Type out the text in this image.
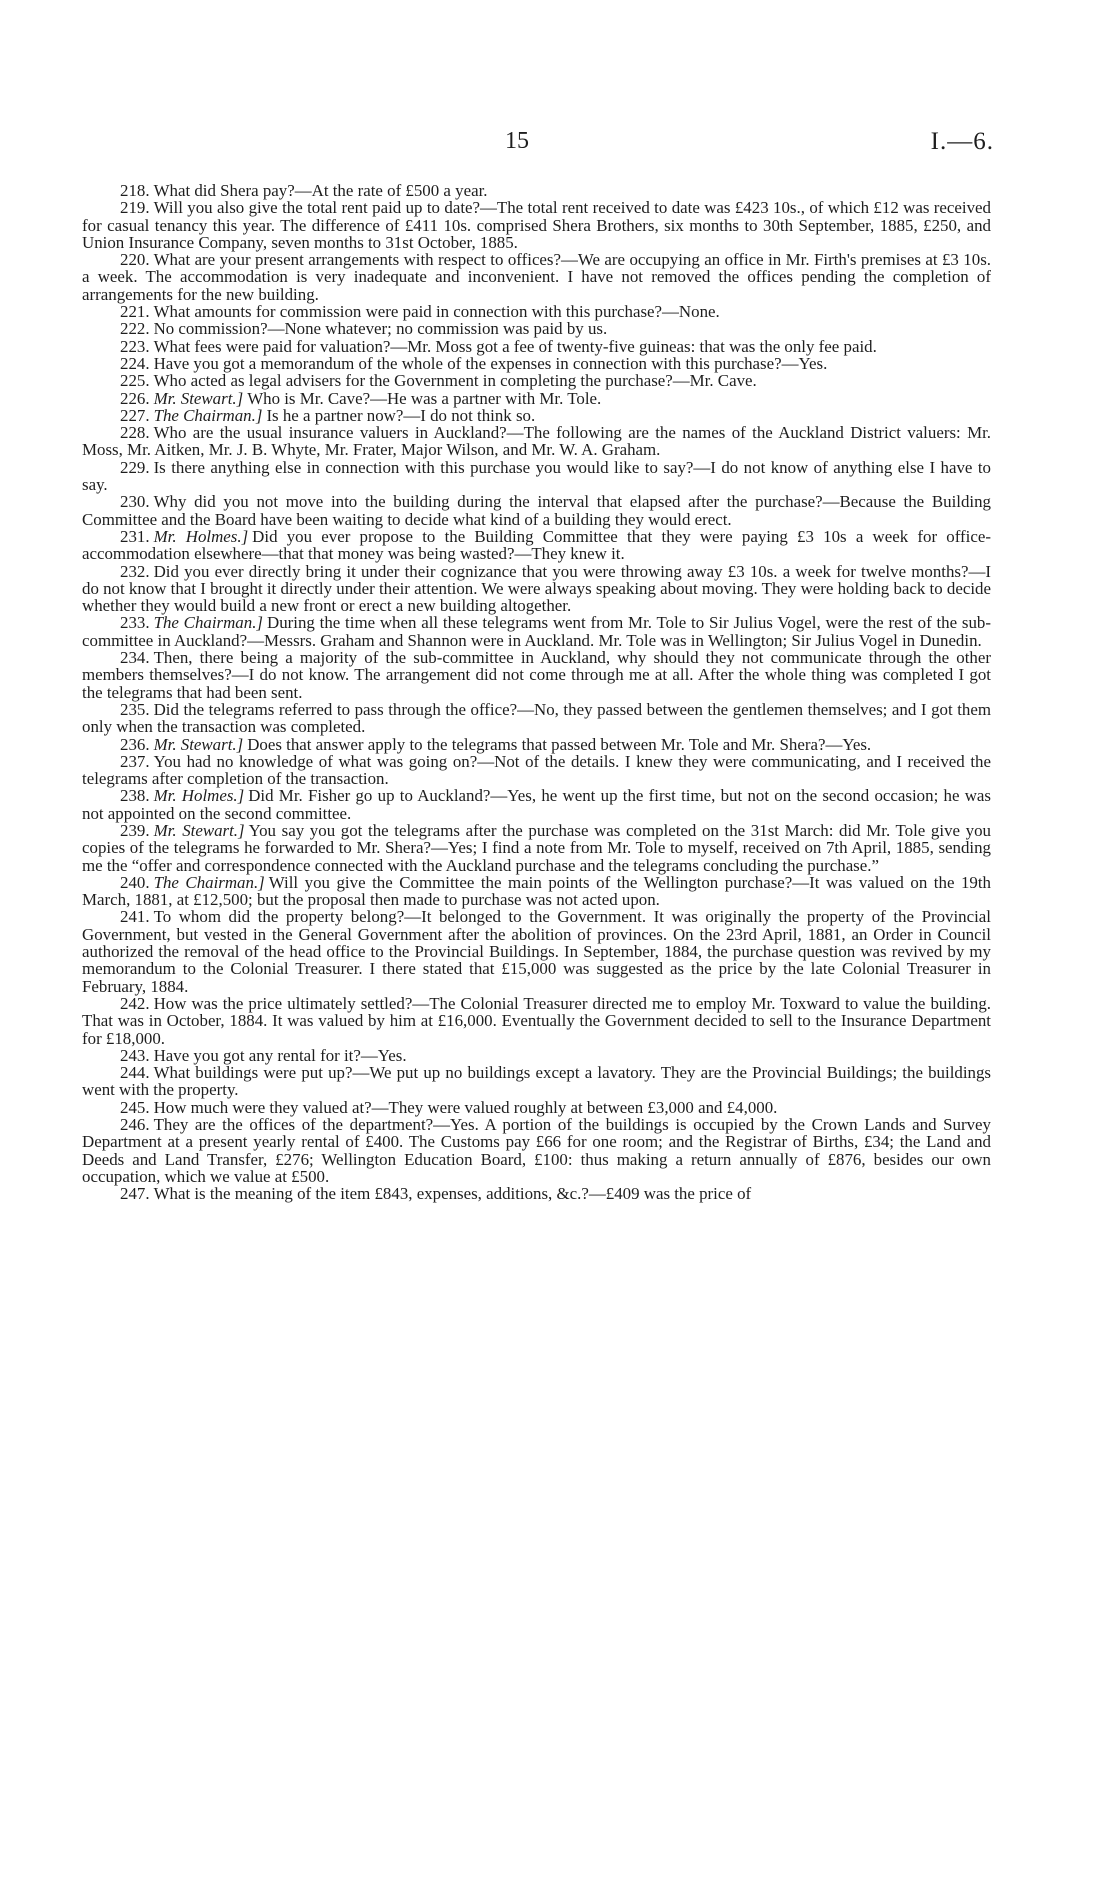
15	I.—6.

218. What did Shera pay?—At the rate of £500 a year.

219. Will you also give the total rent paid up to date?—The total rent received to date was £423 10s., of which £12 was received for casual tenancy this year. The difference of £411 10s. comprised Shera Brothers, six months to 30th September, 1885, £250, and Union Insurance Company, seven months to 31st October, 1885.

220. What are your present arrangements with respect to offices?—We are occupying an office in Mr. Firth's premises at £3 10s. a week. The accommodation is very inadequate and inconvenient. I have not removed the offices pending the completion of arrangements for the new building.

221. What amounts for commission were paid in connection with this purchase?—None.

222. No commission?—None whatever; no commission was paid by us.

223. What fees were paid for valuation?—Mr. Moss got a fee of twenty-five guineas: that was the only fee paid.

224. Have you got a memorandum of the whole of the expenses in connection with this purchase?—Yes.

225. Who acted as legal advisers for the Government in completing the purchase?—Mr. Cave.

226. Mr. Stewart.] Who is Mr. Cave?—He was a partner with Mr. Tole.

227. The Chairman.] Is he a partner now?—I do not think so.

228. Who are the usual insurance valuers in Auckland?—The following are the names of the Auckland District valuers: Mr. Moss, Mr. Aitken, Mr. J. B. Whyte, Mr. Frater, Major Wilson, and Mr. W. A. Graham.

229. Is there anything else in connection with this purchase you would like to say?—I do not know of anything else I have to say.

230. Why did you not move into the building during the interval that elapsed after the purchase?—Because the Building Committee and the Board have been waiting to decide what kind of a building they would erect.

231. Mr. Holmes.] Did you ever propose to the Building Committee that they were paying £3 10s a week for office-accommodation elsewhere—that that money was being wasted?—They knew it.

232. Did you ever directly bring it under their cognizance that you were throwing away £3 10s. a week for twelve months?—I do not know that I brought it directly under their attention. We were always speaking about moving. They were holding back to decide whether they would build a new front or erect a new building altogether.

233. The Chairman.] During the time when all these telegrams went from Mr. Tole to Sir Julius Vogel, were the rest of the sub-committee in Auckland?—Messrs. Graham and Shannon were in Auckland. Mr. Tole was in Wellington; Sir Julius Vogel in Dunedin.

234. Then, there being a majority of the sub-committee in Auckland, why should they not communicate through the other members themselves?—I do not know. The arrangement did not come through me at all. After the whole thing was completed I got the telegrams that had been sent.

235. Did the telegrams referred to pass through the office?—No, they passed between the gentlemen themselves; and I got them only when the transaction was completed.

236. Mr. Stewart.] Does that answer apply to the telegrams that passed between Mr. Tole and Mr. Shera?—Yes.

237. You had no knowledge of what was going on?—Not of the details. I knew they were communicating, and I received the telegrams after completion of the transaction.

238. Mr. Holmes.] Did Mr. Fisher go up to Auckland?—Yes, he went up the first time, but not on the second occasion; he was not appointed on the second committee.

239. Mr. Stewart.] You say you got the telegrams after the purchase was completed on the 31st March: did Mr. Tole give you copies of the telegrams he forwarded to Mr. Shera?—Yes; I find a note from Mr. Tole to myself, received on 7th April, 1885, sending me the “offer and correspondence connected with the Auckland purchase and the telegrams concluding the purchase.”

240. The Chairman.] Will you give the Committee the main points of the Wellington purchase?—It was valued on the 19th March, 1881, at £12,500; but the proposal then made to purchase was not acted upon.

241. To whom did the property belong?—It belonged to the Government. It was originally the property of the Provincial Government, but vested in the General Government after the abolition of provinces. On the 23rd April, 1881, an Order in Council authorized the removal of the head office to the Provincial Buildings. In September, 1884, the purchase question was revived by my memorandum to the Colonial Treasurer. I there stated that £15,000 was suggested as the price by the late Colonial Treasurer in February, 1884.

242. How was the price ultimately settled?—The Colonial Treasurer directed me to employ Mr. Toxward to value the building. That was in October, 1884. It was valued by him at £16,000. Eventually the Government decided to sell to the Insurance Department for £18,000.

243. Have you got any rental for it?—Yes.

244. What buildings were put up?—We put up no buildings except a lavatory. They are the Provincial Buildings; the buildings went with the property.

245. How much were they valued at?—They were valued roughly at between £3,000 and £4,000.

246. They are the offices of the department?—Yes. A portion of the buildings is occupied by the Crown Lands and Survey Department at a present yearly rental of £400. The Customs pay £66 for one room; and the Registrar of Births, £34; the Land and Deeds and Land Transfer, £276; Wellington Education Board, £100: thus making a return annually of £876, besides our own occupation, which we value at £500.

247. What is the meaning of the item £843, expenses, additions, &c.?—£409 was the price of
